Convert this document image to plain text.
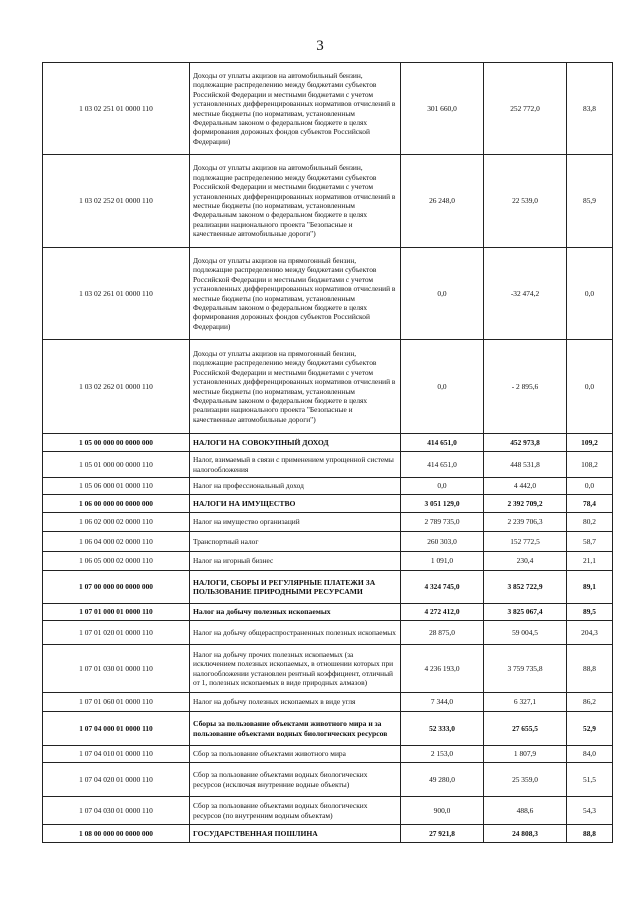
3
1 03 02 251 01 0000 110	Доходы от уплаты акцизов на автомобильный бензин, подлежащие распределению между бюджетами субъектов Российской Федерации и местными бюджетами с учетом установленных дифференцированных нормативов отчислений в местные бюджеты (по нормативам, установленным Федеральным законом о федеральном бюджете в целях формирования дорожных фондов субъектов Российской Федерации)	301 660,0	252 772,0	83,8
1 03 02 252 01 0000 110	Доходы от уплаты акцизов на автомобильный бензин, подлежащие распределению между бюджетами субъектов Российской Федерации и местными бюджетами с учетом установленных дифференцированных нормативов отчислений в местные бюджеты (по нормативам, установленным Федеральным законом о федеральном бюджете в целях реализации национального проекта "Безопасные и качественные автомобильные дороги")	26 248,0	22 539,0	85,9
1 03 02 261 01 0000 110	Доходы от уплаты акцизов на прямогонный бензин, подлежащие распределению между бюджетами субъектов Российской Федерации и местными бюджетами с учетом установленных дифференцированных нормативов отчислений в местные бюджеты (по нормативам, установленным Федеральным законом о федеральном бюджете в целях формирования дорожных фондов субъектов Российской Федерации)	0,0	-32 474,2	0,0
1 03 02 262 01 0000 110	Доходы от уплаты акцизов на прямогонный бензин, подлежащие распределению между бюджетами субъектов Российской Федерации и местными бюджетами с учетом установленных дифференцированных нормативов отчислений в местные бюджеты (по нормативам, установленным Федеральным законом о федеральном бюджете в целях реализации национального проекта "Безопасные и качественные автомобильные дороги")	0,0	- 2 895,6	0,0
1 05 00 000 00 0000 000	НАЛОГИ НА СОВОКУПНЫЙ ДОХОД	414 651,0	452 973,8	109,2
1 05 01 000 00 0000 110	Налог, взимаемый в связи с применением упрощенной системы налогообложения	414 651,0	448 531,8	108,2
1 05 06 000 01 0000 110	Налог на профессиональный доход	0,0	4 442,0	0,0
1 06 00 000 00 0000 000	НАЛОГИ НА ИМУЩЕСТВО	3 051 129,0	2 392 709,2	78,4
1 06 02 000 02 0000 110	Налог на имущество организаций	2 789 735,0	2 239 706,3	80,2
1 06 04 000 02 0000 110	Транспортный налог	260 303,0	152 772,5	58,7
1 06 05 000 02 0000 110	Налог на игорный бизнес	1 091,0	230,4	21,1
1 07 00 000 00 0000 000	НАЛОГИ, СБОРЫ И РЕГУЛЯРНЫЕ ПЛАТЕЖИ ЗА ПОЛЬЗОВАНИЕ ПРИРОДНЫМИ РЕСУРСАМИ	4 324 745,0	3 852 722,9	89,1
1 07 01 000 01 0000 110	Налог на добычу полезных ископаемых	4 272 412,0	3 825 067,4	89,5
1 07 01 020 01 0000 110	Налог на добычу общераспространенных полезных ископаемых	28 875,0	59 004,5	204,3
1 07 01 030 01 0000 110	Налог на добычу прочих полезных ископаемых (за исключением полезных ископаемых, в отношении которых при налогообложении установлен рентный коэффициент, отличный от 1, полезных ископаемых в виде природных алмазов)	4 236 193,0	3 759 735,8	88,8
1 07 01 060 01 0000 110	Налог на добычу полезных ископаемых в виде угля	7 344,0	6 327,1	86,2
1 07 04 000 01 0000 110	Сборы за пользование объектами животного мира и за пользование объектами водных биологических ресурсов	52 333,0	27 655,5	52,9
1 07 04 010 01 0000 110	Сбор за пользование объектами животного мира	2 153,0	1 807,9	84,0
1 07 04 020 01 0000 110	Сбор за пользование объектами водных биологических ресурсов (исключая внутренние водные объекты)	49 280,0	25 359,0	51,5
1 07 04 030 01 0000 110	Сбор за пользование объектами водных биологических ресурсов (по внутренним водным объектам)	900,0	488,6	54,3
1 08 00 000 00 0000 000	ГОСУДАРСТВЕННАЯ ПОШЛИНА	27 921,8	24 808,3	88,8
